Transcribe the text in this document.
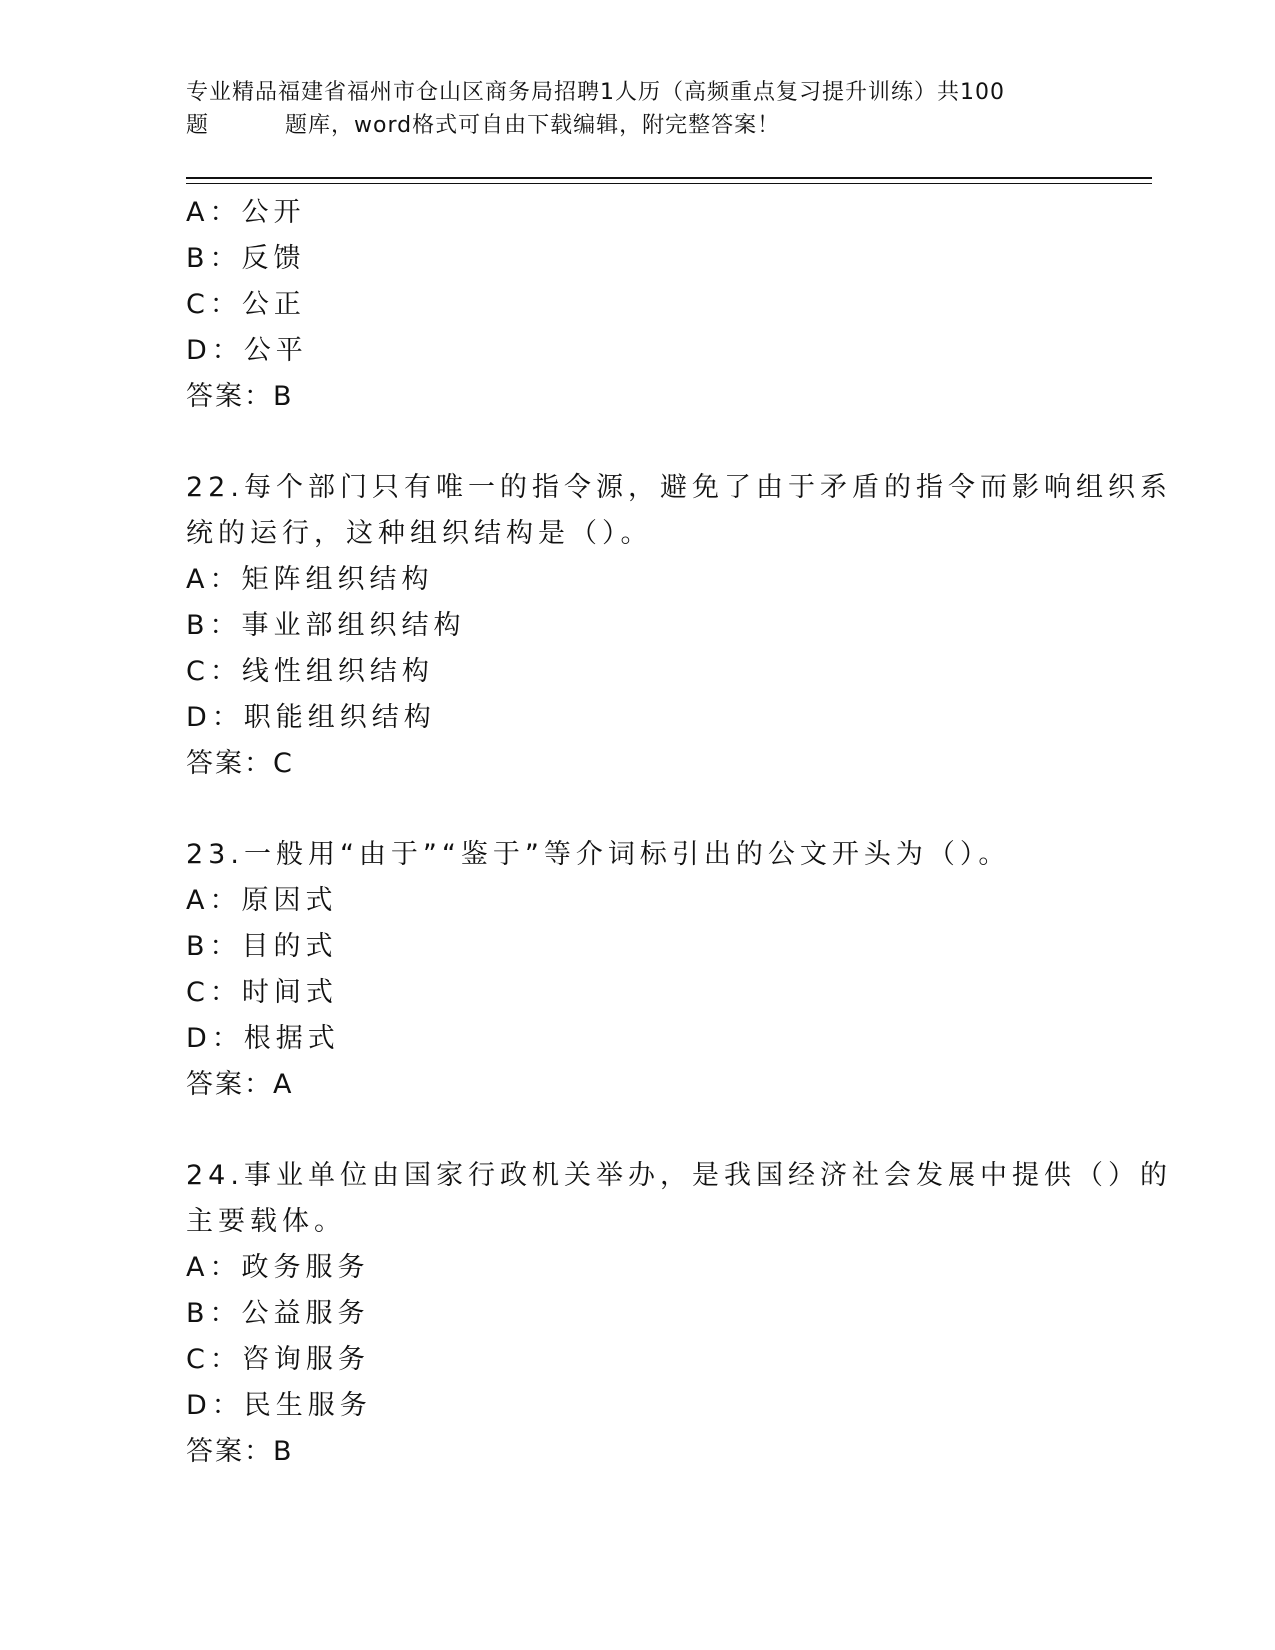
专业精品福建省福州市仓山区商务局招聘1人历（高频重点复习提升训练）共100
题	题库，word格式可自由下载编辑，附完整答案！
A：公开
B：反馈
C：公正
D：公平
答案：B
22.每个部门只有唯一的指令源，避免了由于矛盾的指令而影响组织系
统的运行，这种组织结构是（）。
A：矩阵组织结构
B：事业部组织结构
C：线性组织结构
D：职能组织结构
答案：C
23.一般用“由于”“鉴于”等介词标引出的公文开头为（）。
A：原因式
B：目的式
C：时间式
D：根据式
答案：A
24.事业单位由国家行政机关举办，是我国经济社会发展中提供（）的
主要载体。
A：政务服务
B：公益服务
C：咨询服务
D：民生服务
答案：B
